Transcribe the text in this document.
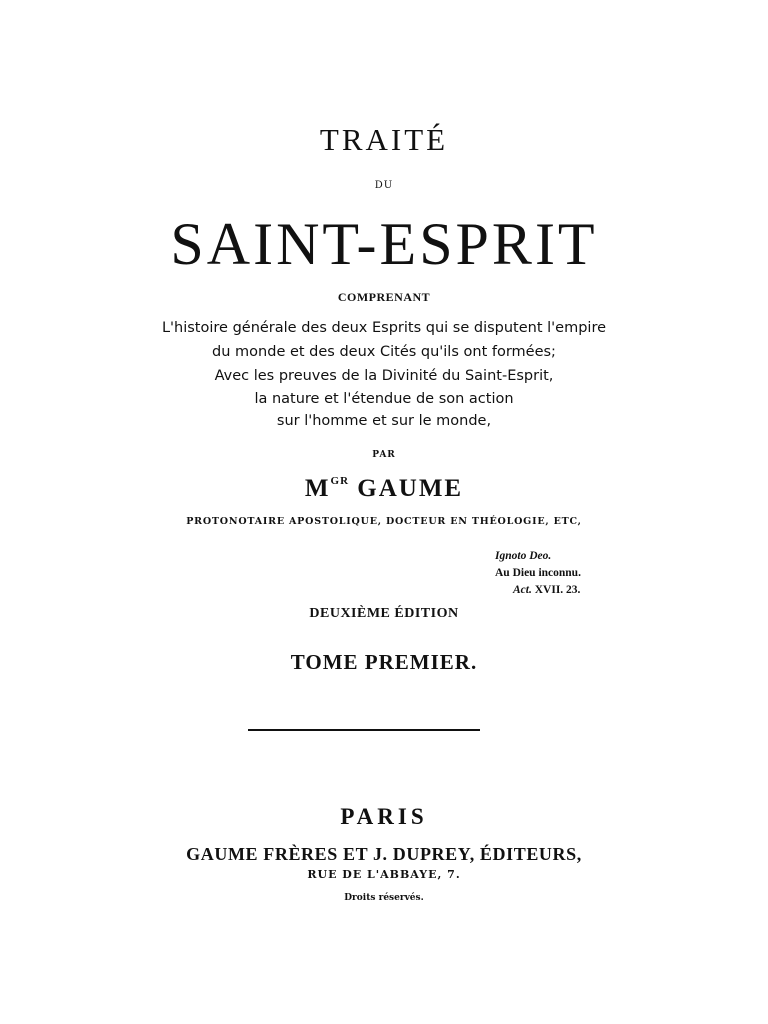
TRAITÉ
DU
SAINT-ESPRIT
COMPRENANT
L'histoire générale des deux Esprits qui se disputent l'empire
du monde et des deux Cités qu'ils ont formées;
Avec les preuves de la Divinité du Saint-Esprit,
la nature et l'étendue de son action
sur l'homme et sur le monde,
PAR
$M^{GR}$ GAUME
PROTONOTAIRE APOSTOLIQUE, DOCTEUR EN THÉOLOGIE, ETC,
Ignoto Deo.
Au Dieu inconnu.
Act. XVII. 23.
DEUXIÈME ÉDITION
TOME PREMIER.
PARIS
GAUME FRÈRES ET J. DUPREY, ÉDITEURS,
RUE DE L'ABBAYE, 7.
Droits réservés.
